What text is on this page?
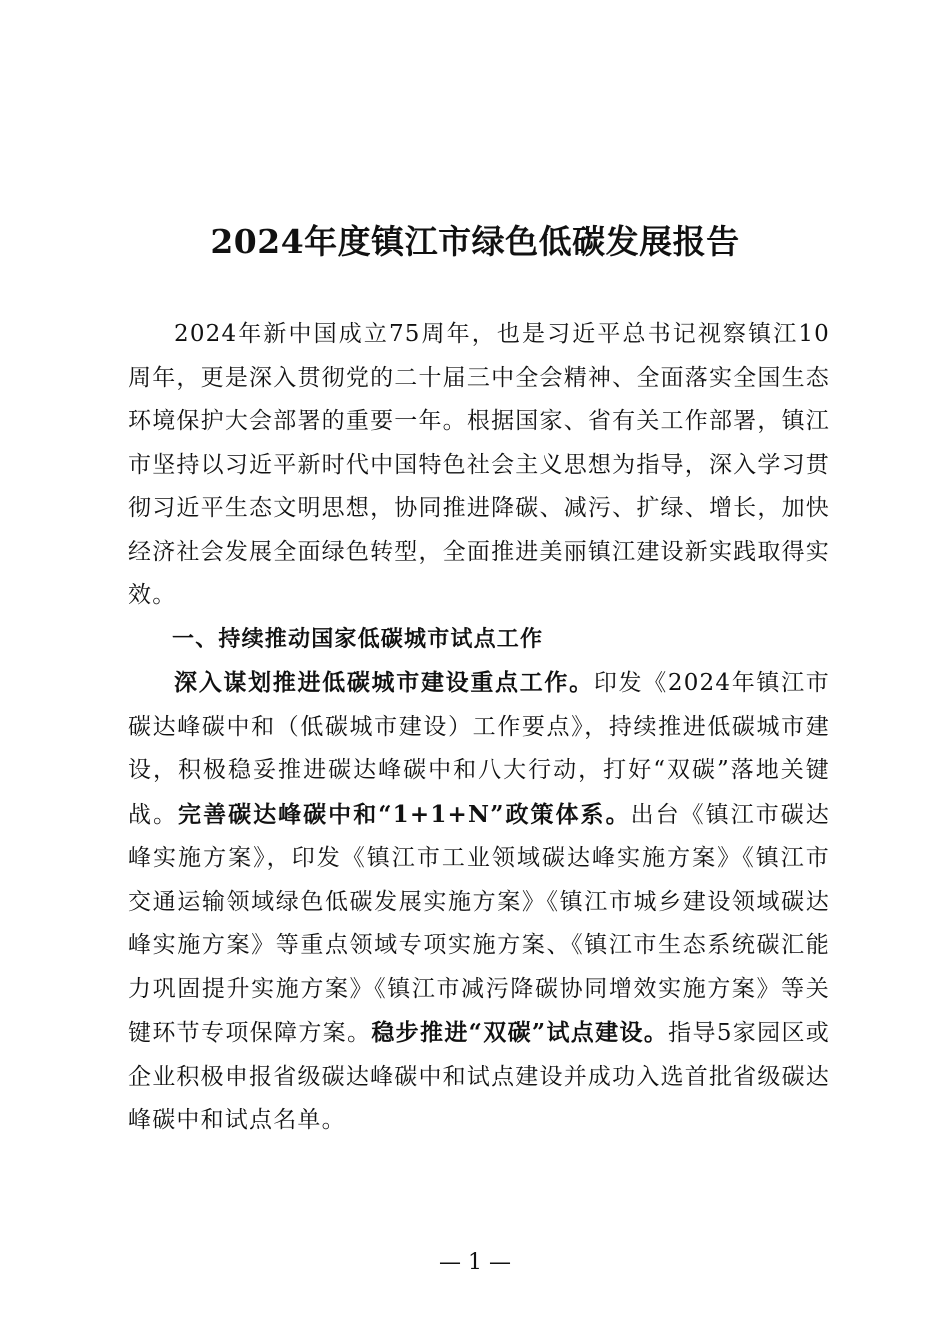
2024年度镇江市绿色低碳发展报告

2024年新中国成立75周年，也是习近平总书记视察镇江10周年，更是深入贯彻党的二十届三中全会精神、全面落实全国生态环境保护大会部署的重要一年。根据国家、省有关工作部署，镇江市坚持以习近平新时代中国特色社会主义思想为指导，深入学习贯彻习近平生态文明思想，协同推进降碳、减污、扩绿、增长，加快经济社会发展全面绿色转型，全面推进美丽镇江建设新实践取得实效。

一、持续推动国家低碳城市试点工作

深入谋划推进低碳城市建设重点工作。印发《2024年镇江市碳达峰碳中和（低碳城市建设）工作要点》，持续推进低碳城市建设，积极稳妥推进碳达峰碳中和八大行动，打好“双碳”落地关键战。完善碳达峰碳中和“1+1+N”政策体系。出台《镇江市碳达峰实施方案》，印发《镇江市工业领域碳达峰实施方案》《镇江市交通运输领域绿色低碳发展实施方案》《镇江市城乡建设领域碳达峰实施方案》等重点领域专项实施方案、《镇江市生态系统碳汇能力巩固提升实施方案》《镇江市减污降碳协同增效实施方案》等关键环节专项保障方案。稳步推进“双碳”试点建设。指导5家园区或企业积极申报省级碳达峰碳中和试点建设并成功入选首批省级碳达峰碳中和试点名单。

— 1 —
